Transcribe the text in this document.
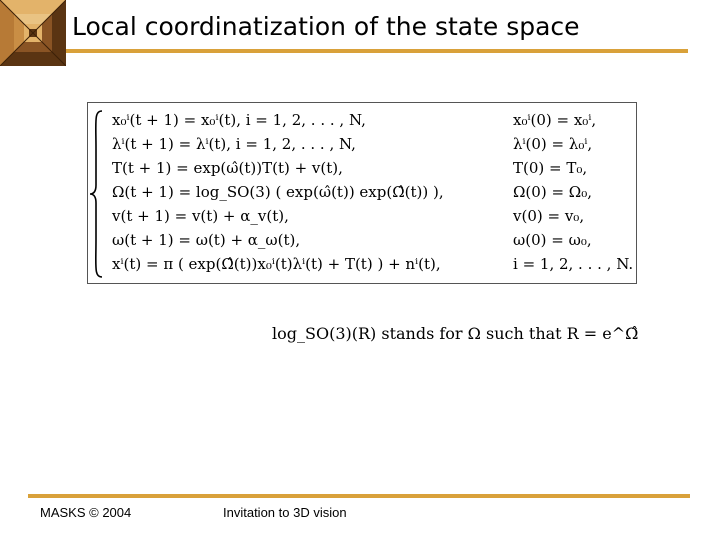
Local coordinatization of the state space
x₀ⁱ(t + 1) = x₀ⁱ(t), i = 1, 2, . . . , N,	x₀ⁱ(0) = x₀ⁱ,
λⁱ(t + 1) = λⁱ(t), i = 1, 2, . . . , N,	λⁱ(0) = λ₀ⁱ,
T(t + 1) = exp(ω̂(t))T(t) + v(t),	T(0) = T₀,
Ω(t + 1) = log_SO(3) ( exp(ω̂(t)) exp(Ω̂(t)) ),	Ω(0) = Ω₀,
v(t + 1) = v(t) + α_v(t),	v(0) = v₀,
ω(t + 1) = ω(t) + α_ω(t),	ω(0) = ω₀,
xⁱ(t) = π ( exp(Ω̂(t))x₀ⁱ(t)λⁱ(t) + T(t) ) + nⁱ(t),	i = 1, 2, . . . , N.
log_SO(3)(R) stands for Ω such that R = e^Ω̂
MASKS © 2004	Invitation to 3D vision
